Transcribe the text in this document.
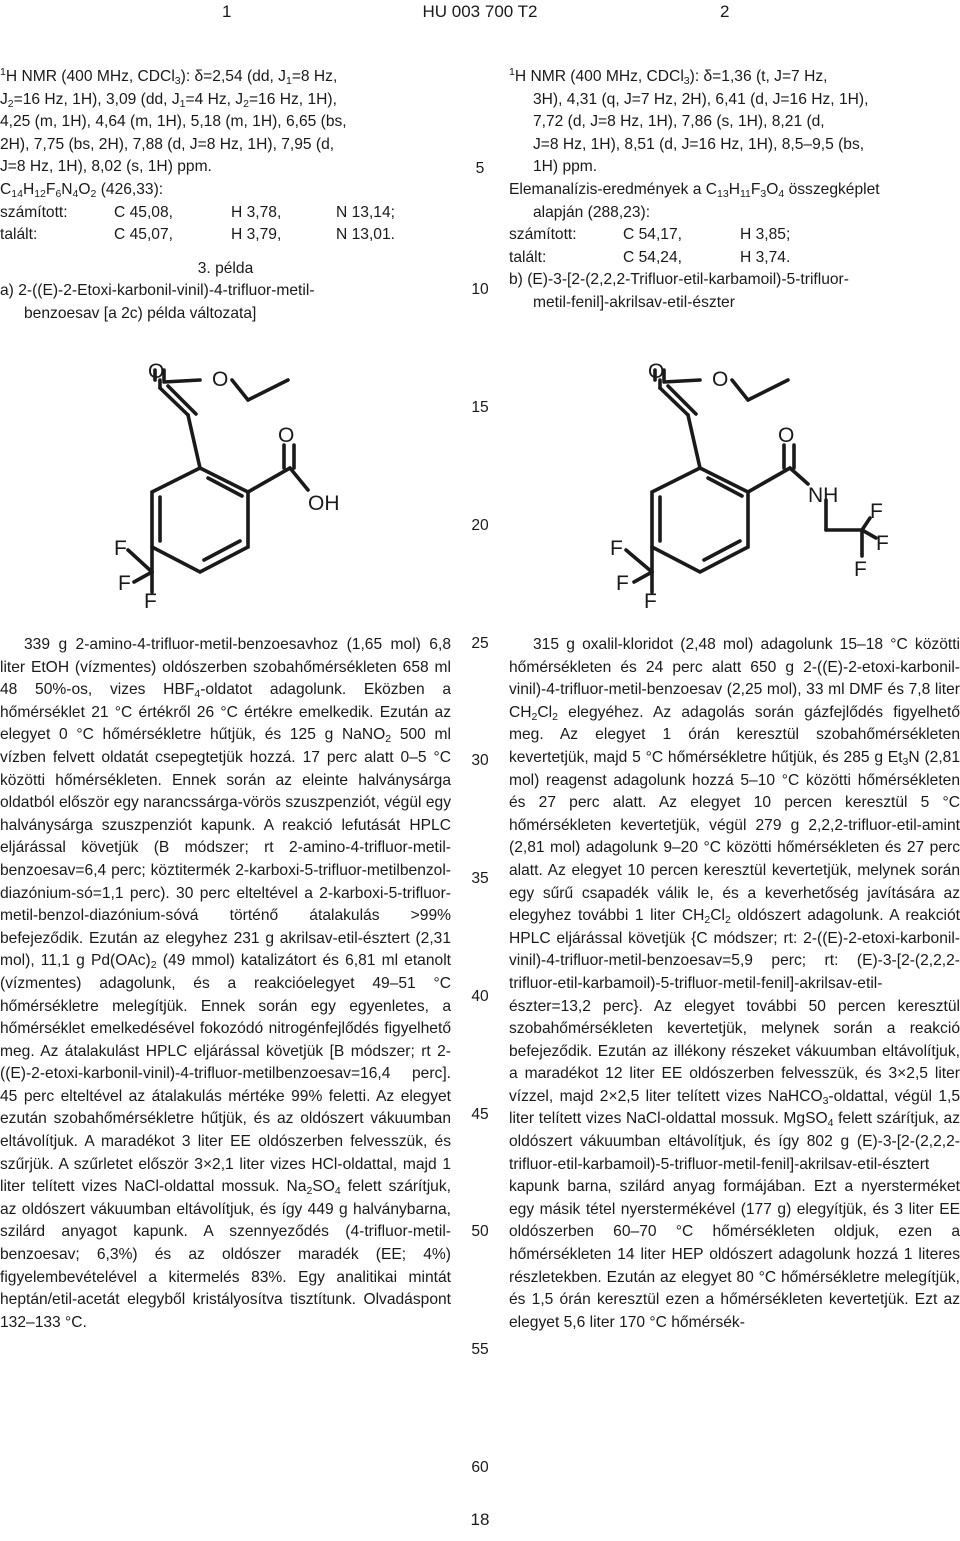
1	HU 003 700 T2	2

$^1$H NMR (400 MHz, CDCl$_3$): δ=2,54 (dd, $J_1=8$ Hz,

$J_2=16$ Hz, 1H), 3,09 (dd, $J_1=4$ Hz, $J_2=16$ Hz, 1H),

4,25 (m, 1H), 4,64 (m, 1H), 5,18 (m, 1H), 6,65 (bs,

2H), 7,75 (bs, 2H), 7,88 (d, J=8 Hz, 1H), 7,95 (d,

J=8 Hz, 1H), 8,02 (s, 1H) ppm.

$C_{14}H_{12}F_6N_4O_2$ (426,33):

számított:	C 45,08,	H 3,78,	N 13,14;
talált:	C 45,07,	H 3,79,	N 13,01.

3. példa

a) 2-((E)-2-Etoxi-karbonil-vinil)-4-trifluor-metil-

benzoesav [a 2c) példa változata]

$^1$H NMR (400 MHz, CDCl$_3$): δ=1,36 (t, J=7 Hz,

3H), 4,31 (q, J=7 Hz, 2H), 6,41 (d, J=16 Hz, 1H),

7,72 (d, J=8 Hz, 1H), 7,86 (s, 1H), 8,21 (d,

J=8 Hz, 1H), 8,51 (d, J=16 Hz, 1H), 8,5–9,5 (bs,

1H) ppm.

Elemanalízis-eredmények a $C_{13}H_{11}F_3O_4$ összegképlet

alapján (288,23):

számított:	C 54,17,	H 3,85;
talált:	C 54,24,	H 3,74.

b) (E)-3-[2-(2,2,2-Trifluor-etil-karbamoil)-5-trifluor-

metil-fenil]-akrilsav-etil-észter

O O
O
OH
F
F
F
O O
O
NH
F
F
F
F
F
F
5
10
15
20
25
30
35
40
45
50
55
60
339 g 2-amino-4-trifluor-metil-benzoesavhoz (1,65 mol) 6,8 liter EtOH (vízmentes) oldószerben szobahőmérsékleten 658 ml 48 50%-os, vizes $HBF_4$-oldatot adagolunk. Eközben a hőmérséklet 21 °C értékről 26 °C értékre emelkedik. Ezután az elegyet 0 °C hőmérsékletre hűtjük, és 125 g NaNO$_2$ 500 ml vízben felvett oldatát csepegtetjük hozzá. 17 perc alatt 0–5 °C közötti hőmérsékleten. Ennek során az eleinte halványsárga oldatból először egy narancssárga-vörös szuszpenziót, végül egy halványsárga szuszpenziót kapunk. A reakció lefutását HPLC eljárással követjük (B módszer; rt 2-amino-4-trifluor-metil-benzoesav=6,4 perc; köztitermék 2-karboxi-5-trifluor-metilbenzol-diazónium-só=1,1 perc). 30 perc elteltével a 2-karboxi-5-trifluor-metil-benzol-diazónium-sóvá történő átalakulás >99% befejeződik. Ezután az elegyhez 231 g akrilsav-etil-észtert (2,31 mol), 11,1 g $Pd(OAc)_2$ (49 mmol) katalizátort és 6,81 ml etanolt (vízmentes) adagolunk, és a reakcióelegyet 49–51 °C hőmérsékletre melegítjük. Ennek során egy egyenletes, a hőmérséklet emelkedésével fokozódó nitrogénfejlődés figyelhető meg. Az átalakulást HPLC eljárással követjük [B módszer; rt 2-((E)-2-etoxi-karbonil-vinil)-4-trifluor-metilbenzoesav=16,4 perc]. 45 perc elteltével az átalakulás mértéke 99% feletti. Az elegyet ezután szobahőmérsékletre hűtjük, és az oldószert vákuumban eltávolítjuk. A maradékot 3 liter EE oldószerben felvesszük, és szűrjük. A szűrletet először 3×2,1 liter vizes HCl-oldattal, majd 1 liter telített vizes NaCl-oldattal mossuk. $Na_2SO_4$ felett szárítjuk, az oldószert vákuumban eltávolítjuk, és így 449 g halványbarna, szilárd anyagot kapunk. A szennyeződés (4-trifluor-metil-benzoesav; 6,3%) és az oldószer maradék (EE; 4%) figyelembevételével a kitermelés 83%. Egy analitikai mintát heptán/etil-acetát elegyből kristályosítva tisztítunk. Olvadáspont 132–133 °C.
315 g oxalil-kloridot (2,48 mol) adagolunk 15–18 °C közötti hőmérsékleten és 24 perc alatt 650 g 2-((E)-2-etoxi-karbonil-vinil)-4-trifluor-metil-benzoesav (2,25 mol), 33 ml DMF és 7,8 liter $CH_2Cl_2$ elegyéhez. Az adagolás során gázfejlődés figyelhető meg. Az elegyet 1 órán keresztül szobahőmérsékleten kevertetjük, majd 5 °C hőmérsékletre hűtjük, és 285 g $Et_3N$ (2,81 mol) reagenst adagolunk hozzá 5–10 °C közötti hőmérsékleten és 27 perc alatt. Az elegyet 10 percen keresztül 5 °C hőmérsékleten kevertetjük, végül 279 g 2,2,2-trifluor-etil-amint (2,81 mol) adagolunk 9–20 °C közötti hőmérsékleten és 27 perc alatt. Az elegyet 10 percen keresztül kevertetjük, melynek során egy sűrű csapadék válik le, és a keverhetőség javítására az elegyhez további 1 liter $CH_2Cl_2$ oldószert adagolunk. A reakciót HPLC eljárással követjük {C módszer; rt: 2-((E)-2-etoxi-karbonil-vinil)-4-trifluor-metil-benzoesav=5,9 perc; rt: (E)-3-[2-(2,2,2-trifluor-etil-karbamoil)-5-trifluor-metil-fenil]-akrilsav-etil-észter=13,2 perc}. Az elegyet további 50 percen keresztül szobahőmérsékleten kevertetjük, melynek során a reakció befejeződik. Ezután az illékony részeket vákuumban eltávolítjuk, a maradékot 12 liter EE oldószerben felvesszük, és 3×2,5 liter vízzel, majd 2×2,5 liter telített vizes NaHCO$_3$-oldattal, végül 1,5 liter telített vizes NaCl-oldattal mossuk. MgSO$_4$ felett szárítjuk, az oldószert vákuumban eltávolítjuk, és így 802 g (E)-3-[2-(2,2,2-trifluor-etil-karbamoil)-5-trifluor-metil-fenil]-akrilsav-etil-észtert kapunk barna, szilárd anyag formájában. Ezt a nyersterméket egy másik tétel nyerstermékével (177 g) elegyítjük, és 3 liter EE oldószerben 60–70 °C hőmérsékleten oldjuk, ezen a hőmérsékleten 14 liter HEP oldószert adagolunk hozzá 1 literes részletekben. Ezután az elegyet 80 °C hőmérsékletre melegítjük, és 1,5 órán keresztül ezen a hőmérsékleten kevertetjük. Ezt az elegyet 5,6 liter 170 °C hőmérsék-
18
